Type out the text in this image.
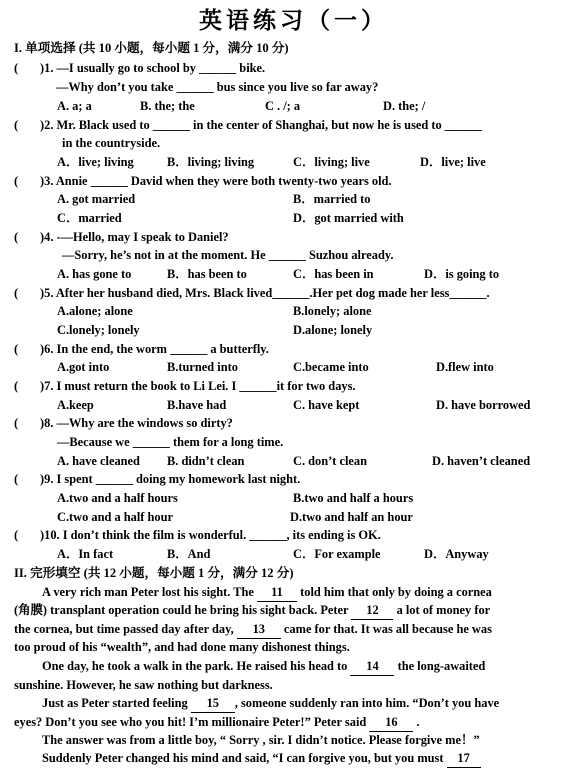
英语练习（一）
I. 单项选择 (共 10 小题，每小题 1 分，满分 10 分)
( )1. —I usually go to school by ______ bike.
—Why don’t you take ______ bus since you live so far away?
A. a; a	B. the; the	C . /; a	D. the; /
( )2. Mr. Black used to ______ in the center of Shanghai, but now he is used to ______
in the countryside.
A．live; living	B．living; living	C．living; live	D．live; live
( )3. Annie ______ David when they were both twenty-two years old.
A. got married	B．married to
C．married	D．got married with
( )4. -—Hello, may I speak to Daniel?
—Sorry, he’s not in at the moment. He ______ Suzhou already.
A. has gone to	B．has been to	C．has been in	D．is going to
( )5. After her husband died, Mrs. Black lived______.Her pet dog made her less______.
A.alone; alone	B.lonely; alone
C.lonely; lonely	D.alone; lonely
( )6. In the end, the worm ______ a butterfly.
A.got into	B.turned into	C.became into	D.flew into
( )7. I must return the book to Li Lei. I ______it for two days.
A.keep	B.have had	C. have kept	D. have borrowed
( )8. —Why are the windows so dirty?
—Because we ______ them for a long time.
A. have cleaned B. didn’t clean	C. don’t clean	D. haven’t cleaned
( )9. I spent ______ doing my homework last night.
A.two and a half hours	B.two and half a hours
C.two and a half hour	D.two and half an hour
( )10. I don’t think the film is wonderful. ______, its ending is OK.
A．In fact	B．And	C．For example	D．Anyway
II. 完形填空 (共 12 小题，每小题 1 分，满分 12 分)
A very rich man Peter lost his sight. The 11 told him that only by doing a cornea
(角膜) transplant operation could he bring his sight back. Peter 12 a lot of money for
the cornea, but time passed day after day, 13 came for that. It was all because he was
too proud of his “wealth”, and had done many dishonest things.
One day, he took a walk in the park. He raised his head to 14 the long-awaited
sunshine. However, he saw nothing but darkness.
Just as Peter started feeling 15 , someone suddenly ran into him. “Don’t you have
eyes? Don’t you see who you hit! I’m millionaire Peter!” Peter said 16 .
The answer was from a little boy, “ Sorry , sir. I didn’t notice. Please forgive me！”
Suddenly Peter changed his mind and said, “I can forgive you, but you must 17
